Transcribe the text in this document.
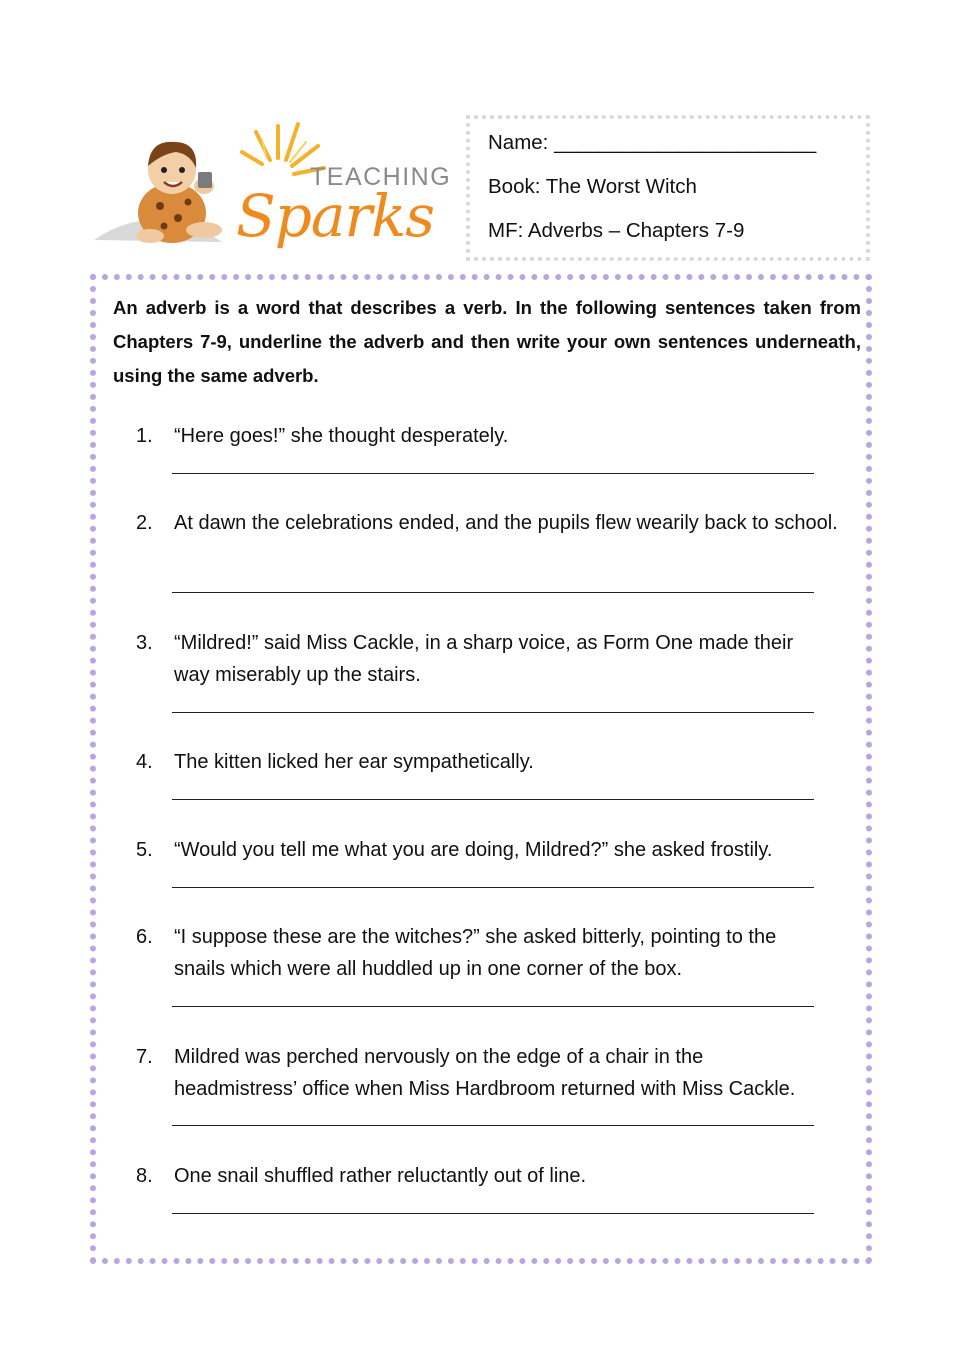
TEACHING
Sparks
Name: _______________________
Book: The Worst Witch
MF: Adverbs – Chapters 7-9
An adverb is a word that describes a verb. In the following sentences taken from Chapters 7-9, underline the adverb and then write your own sentences underneath, using the same adverb.
1.	“Here goes!” she thought desperately.
2.	At dawn the celebrations ended, and the pupils flew wearily back to school.
3.	“Mildred!” said Miss Cackle, in a sharp voice, as Form One made their
way miserably up the stairs.
4.	The kitten licked her ear sympathetically.
5.	“Would you tell me what you are doing, Mildred?” she asked frostily.
6.	“I suppose these are the witches?” she asked bitterly, pointing to the
snails which were all huddled up in one corner of the box.
7.	Mildred was perched nervously on the edge of a chair in the
headmistress’ office when Miss Hardbroom returned with Miss Cackle.
8.	One snail shuffled rather reluctantly out of line.
